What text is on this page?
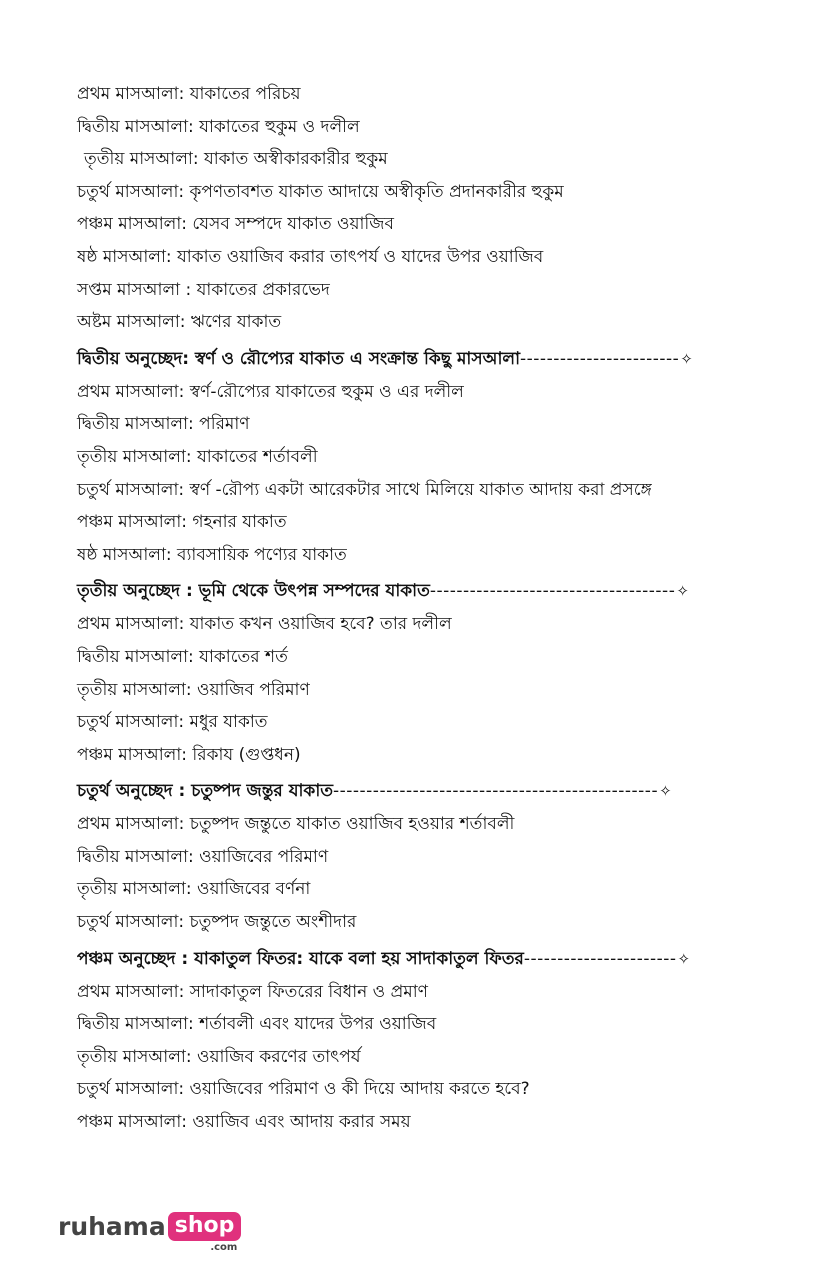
প্রথম মাসআলা: যাকাতের পরিচয়
দ্বিতীয় মাসআলা: যাকাতের হুকুম ও দলীল
তৃতীয় মাসআলা: যাকাত অস্বীকারকারীর হুকুম
চতুর্থ মাসআলা: কৃপণতাবশত যাকাত আদায়ে অস্বীকৃতি প্রদানকারীর হুকুম
পঞ্চম মাসআলা: যেসব সম্পদে যাকাত ওয়াজিব
ষষ্ঠ মাসআলা: যাকাত ওয়াজিব করার তাৎপর্য ও যাদের উপর ওয়াজিব
সপ্তম মাসআলা : যাকাতের প্রকারভেদ
অষ্টম মাসআলা: ঋণের যাকাত
দ্বিতীয় অনুচ্ছেদ: স্বর্ণ ও রৌপ্যের যাকাত এ সংক্রান্ত কিছু মাসআলা ------------------------ ✧
প্রথম মাসআলা: স্বর্ণ-রৌপ্যের যাকাতের হুকুম ও এর দলীল
দ্বিতীয় মাসআলা: পরিমাণ
তৃতীয় মাসআলা: যাকাতের শর্তাবলী
চতুর্থ মাসআলা: স্বর্ণ -রৌপ্য একটা আরেকটার সাথে মিলিয়ে যাকাত আদায় করা প্রসঙ্গে
পঞ্চম মাসআলা: গহনার যাকাত
ষষ্ঠ মাসআলা: ব্যাবসায়িক পণ্যের যাকাত
তৃতীয় অনুচ্ছেদ : ভূমি থেকে উৎপন্ন সম্পদের যাকাত ------------------------------------- ✧
প্রথম মাসআলা: যাকাত কখন ওয়াজিব হবে? তার দলীল
দ্বিতীয় মাসআলা: যাকাতের শর্ত
তৃতীয় মাসআলা: ওয়াজিব পরিমাণ
চতুর্থ মাসআলা: মধুর যাকাত
পঞ্চম মাসআলা: রিকায (গুপ্তধন)
চতুর্থ অনুচ্ছেদ : চতুষ্পদ জন্তুর যাকাত ------------------------------------------------- ✧
প্রথম মাসআলা: চতুষ্পদ জন্তুতে যাকাত ওয়াজিব হওয়ার শর্তাবলী
দ্বিতীয় মাসআলা: ওয়াজিবের পরিমাণ
তৃতীয় মাসআলা: ওয়াজিবের বর্ণনা
চতুর্থ মাসআলা: চতুষ্পদ জন্তুতে অংশীদার
পঞ্চম অনুচ্ছেদ : যাকাতুল ফিতর: যাকে বলা হয় সাদাকাতুল ফিতর ----------------------- ✧
প্রথম মাসআলা: সাদাকাতুল ফিতরের বিধান ও প্রমাণ
দ্বিতীয় মাসআলা: শর্তাবলী এবং যাদের উপর ওয়াজিব
তৃতীয় মাসআলা: ওয়াজিব করণের তাৎপর্য
চতুর্থ মাসআলা: ওয়াজিবের পরিমাণ ও কী দিয়ে আদায় করতে হবে?
পঞ্চম মাসআলা: ওয়াজিব এবং আদায় করার সময়
ruhama shop
.com
